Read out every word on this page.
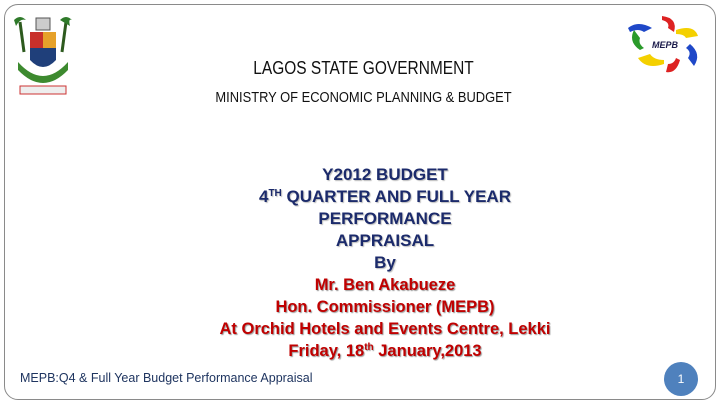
MEPB
LAGOS STATE GOVERNMENT
MINISTRY OF ECONOMIC PLANNING & BUDGET
Y2012 BUDGET
4TH QUARTER AND FULL YEAR
PERFORMANCE
APPRAISAL
By
Mr. Ben Akabueze
Hon. Commissioner (MEPB)
At Orchid Hotels and Events Centre, Lekki
Friday, 18th January,2013
MEPB:Q4 & Full Year Budget Performance Appraisal	1
